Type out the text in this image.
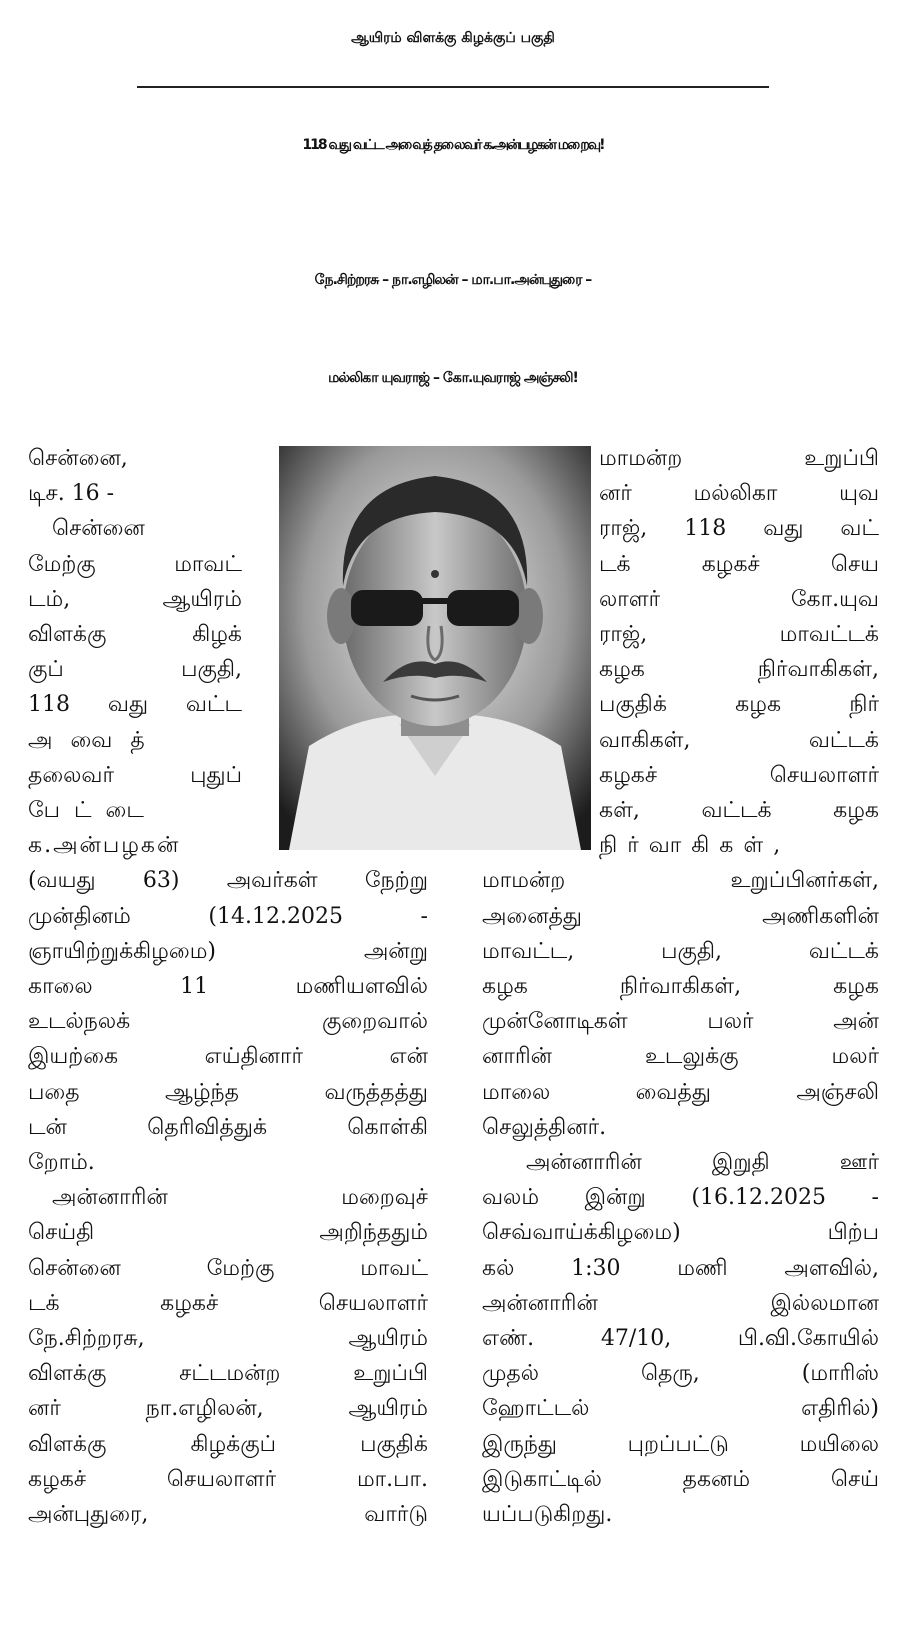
ஆயிரம் விளக்கு கிழக்குப் பகுதி
118 வது வட்ட அவைத் தலைவர் க.அன்பழகன் மறைவு!
நே.சிற்றரசு – நா.எழிலன் – மா.பா.அன்புதுரை –
மல்லிகா யுவராஜ் – கோ.யுவராஜ் அஞ்சலி!

சென்னை,

டிச. 16 -

சென்னை

மேற்கு மாவட்

டம், ஆயிரம்

விளக்கு கிழக்

குப் பகுதி,

118 வது வட்ட

அவைத்

தலைவர் புதுப்

பேட்டை

க.அன்பழகன்

(வயது 63) அவர்கள் நேற்று

முன்தினம் (14.12.2025 -

ஞாயிற்றுக்கிழமை) அன்று

காலை 11 மணியளவில்

உடல்நலக் குறைவால்

இயற்கை எய்தினார் என்

பதை ஆழ்ந்த வருத்தத்து

டன் தெரிவித்துக் கொள்கி

றோம்.

அன்னாரின் மறைவுச்

செய்தி அறிந்ததும்

சென்னை மேற்கு மாவட்

டக் கழகச் செயலாளர்

நே.சிற்றரசு, ஆயிரம்

விளக்கு சட்டமன்ற உறுப்பி

னர் நா.எழிலன், ஆயிரம்

விளக்கு கிழக்குப் பகுதிக்

கழகச் செயலாளர் மா.பா.

அன்புதுரை, வார்டு

மாமன்ற உறுப்பி

னர் மல்லிகா யுவ

ராஜ், 118 வது வட்

டக் கழகச் செய

லாளர் கோ.யுவ

ராஜ், மாவட்டக்

கழக நிர்வாகிகள்,

பகுதிக் கழக நிர்

வாகிகள், வட்டக்

கழகச் செயலாளர்

கள், வட்டக் கழக

நிர்வாகிகள்,

மாமன்ற உறுப்பினர்கள்,

அனைத்து அணிகளின்

மாவட்ட, பகுதி, வட்டக்

கழக நிர்வாகிகள், கழக

முன்னோடிகள் பலர் அன்

னாரின் உடலுக்கு மலர்

மாலை வைத்து அஞ்சலி

செலுத்தினர்.

அன்னாரின் இறுதி ஊர்

வலம் இன்று (16.12.2025 -

செவ்வாய்க்கிழமை) பிற்ப

கல் 1:30 மணி அளவில்,

அன்னாரின் இல்லமான

எண். 47/10, பி.வி.கோயில்

முதல் தெரு, (மாரிஸ்

ஹோட்டல் எதிரில்)

இருந்து புறப்பட்டு மயிலை

இடுகாட்டில் தகனம் செய்

யப்படுகிறது.
